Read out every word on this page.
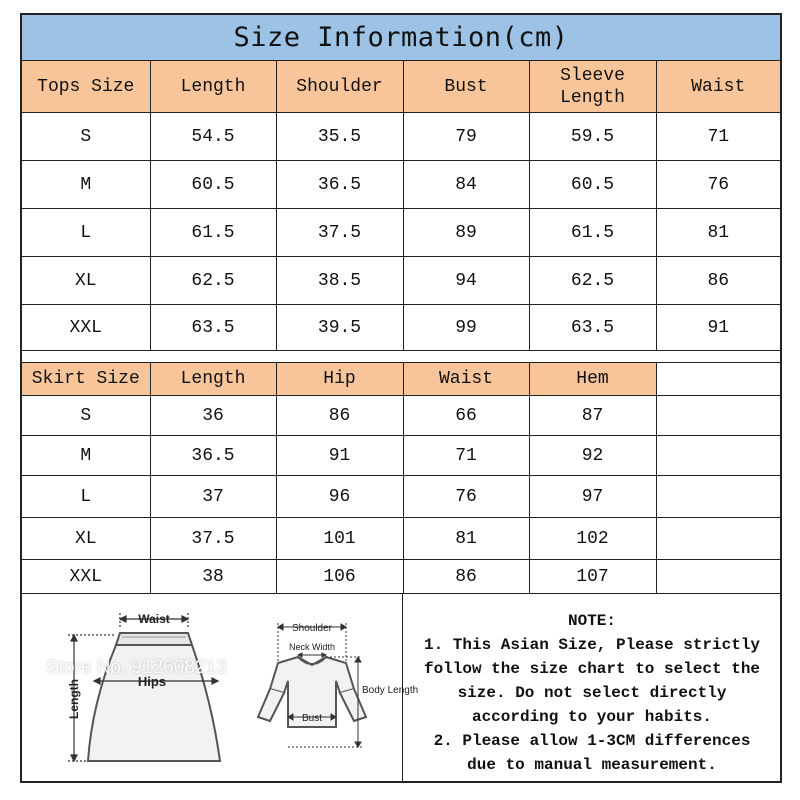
Size Information(cm)
Tops Size	Length	Shoulder	Bust	Sleeve Length	Waist
S	54.5	35.5	79	59.5	71
M	60.5	36.5	84	60.5	76
L	61.5	37.5	89	61.5	81
XL	62.5	38.5	94	62.5	86
XXL	63.5	39.5	99	63.5	91
Skirt Size	Length	Hip	Waist	Hem	
S	36	86	66	87	
M	36.5	91	71	92	
L	37	96	76	97	
XL	37.5	101	81	102	
XXL	38	106	86	107	
Waist
Hips
Length
Shoulder
Neck Width
Bust
Body Length
Store No. 912608213
NOTE:
1. This Asian Size, Please strictly
follow the size chart to select the
size. Do not select directly
according to your habits.
2. Please allow 1-3CM differences
due to manual measurement.
